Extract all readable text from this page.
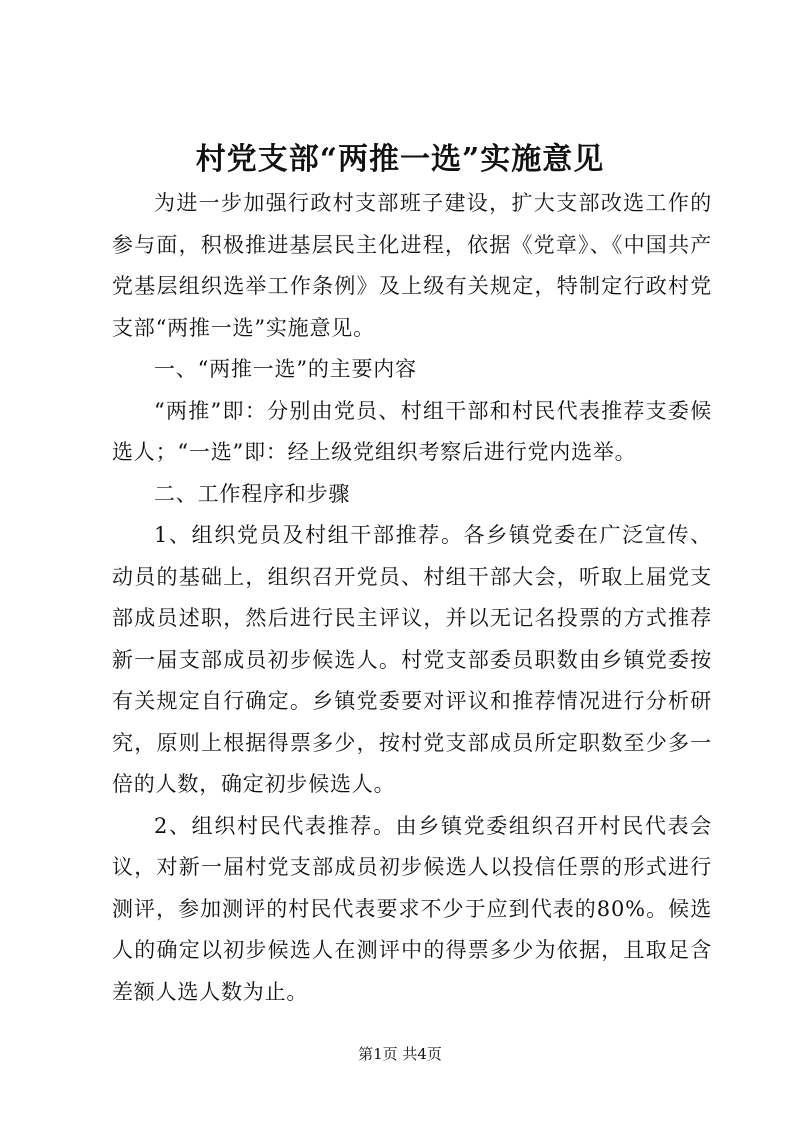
村党支部“两推一选”实施意见

为进一步加强行政村支部班子建设，扩大支部改选工作的参与面，积极推进基层民主化进程，依据《党章》、《中国共产党基层组织选举工作条例》及上级有关规定，特制定行政村党支部“两推一选”实施意见。

一、“两推一选”的主要内容

“两推”即：分别由党员、村组干部和村民代表推荐支委候选人；“一选”即：经上级党组织考察后进行党内选举。

二、工作程序和步骤

1、组织党员及村组干部推荐。各乡镇党委在广泛宣传、动员的基础上，组织召开党员、村组干部大会，听取上届党支部成员述职，然后进行民主评议，并以无记名投票的方式推荐新一届支部成员初步候选人。村党支部委员职数由乡镇党委按有关规定自行确定。乡镇党委要对评议和推荐情况进行分析研究，原则上根据得票多少，按村党支部成员所定职数至少多一倍的人数，确定初步候选人。

2、组织村民代表推荐。由乡镇党委组织召开村民代表会议，对新一届村党支部成员初步候选人以投信任票的形式进行测评，参加测评的村民代表要求不少于应到代表的80%。候选人的确定以初步候选人在测评中的得票多少为依据，且取足含差额人选人数为止。

第1页 共4页
